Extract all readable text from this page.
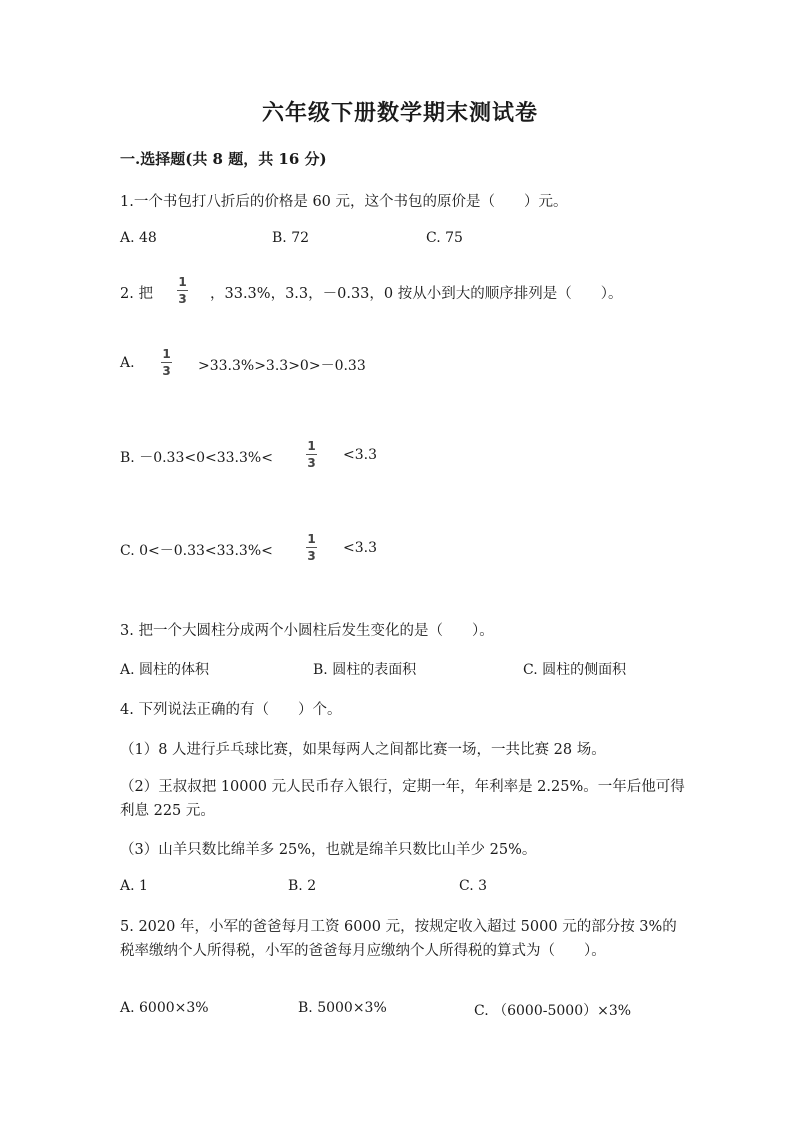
六年级下册数学期末测试卷
一.选择题(共 8 题，共 16 分)
1.一个书包打八折后的价格是 60 元，这个书包的原价是（　　）元。
A. 48	B. 72	C. 75
2. 把
1
3 ，33.3%，3.3，－0.33，0 按从小到大的顺序排列是（　　）。
A.
1
3 >33.3%>3.3>0>－0.33
B. －0.33<0<33.3%<
1
3 <3.3
C. 0<－0.33<33.3%<
1
3 <3.3
3. 把一个大圆柱分成两个小圆柱后发生变化的是（　　）。
A. 圆柱的体积	B. 圆柱的表面积	C. 圆柱的侧面积
4. 下列说法正确的有（　　）个。
（1）8 人进行乒乓球比赛，如果每两人之间都比赛一场，一共比赛 28 场。
（2）王叔叔把 10000 元人民币存入银行，定期一年，年利率是 2.25%。一年后他可得利息 225 元。
（3）山羊只数比绵羊多 25%，也就是绵羊只数比山羊少 25%。
A. 1	B. 2	C. 3
5. 2020 年，小军的爸爸每月工资 6000 元，按规定收入超过 5000 元的部分按 3%的税率缴纳个人所得税，小军的爸爸每月应缴纳个人所得税的算式为（　　）。
A. 6000×3%	B. 5000×3%	C. （6000-5000）×3%
